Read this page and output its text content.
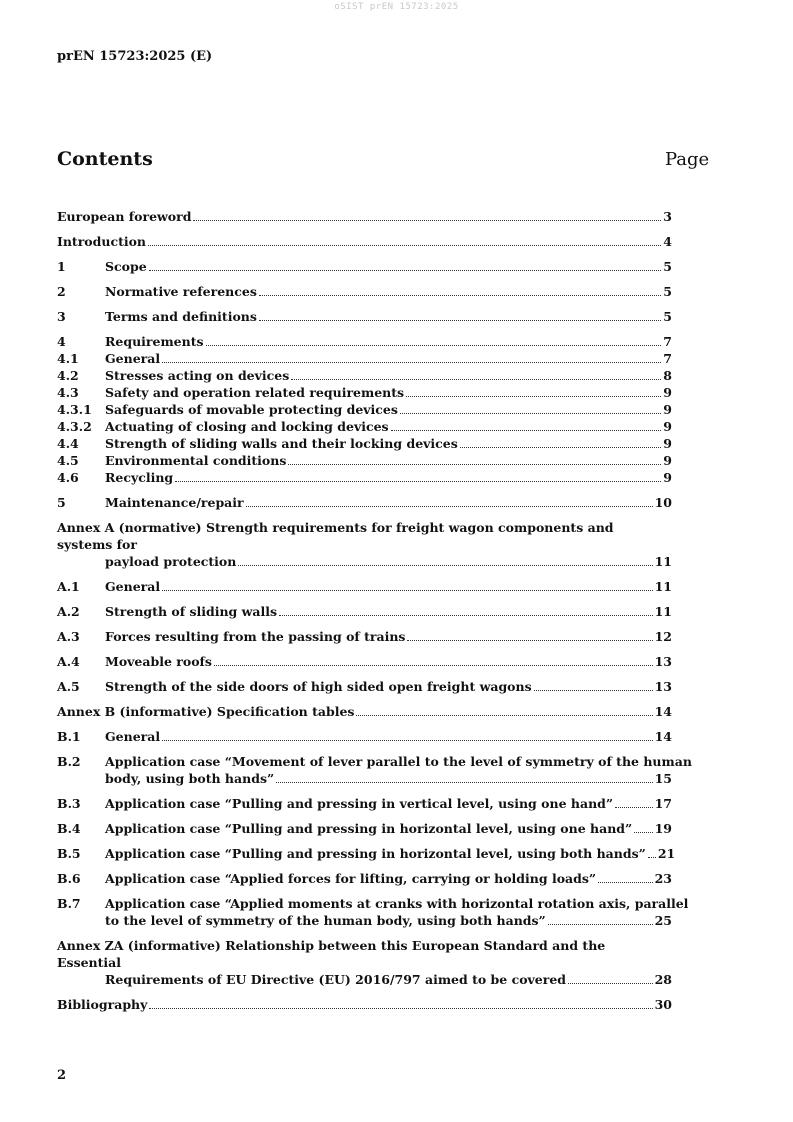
oSIST prEN 15723:2025
prEN 15723:2025 (E)
Contents	Page
European foreword	3
Introduction	4
1	Scope	5
2	Normative references	5
3	Terms and definitions	5
4	Requirements	7
4.1	General	7
4.2	Stresses acting on devices	8
4.3	Safety and operation related requirements	9
4.3.1	Safeguards of movable protecting devices	9
4.3.2	Actuating of closing and locking devices	9
4.4	Strength of sliding walls and their locking devices	9
4.5	Environmental conditions	9
4.6	Recycling	9
5	Maintenance/repair	10
Annex A (normative) Strength requirements for freight wagon components and systems for
payload protection	11
A.1	General	11
A.2	Strength of sliding walls	11
A.3	Forces resulting from the passing of trains	12
A.4	Moveable roofs	13
A.5	Strength of the side doors of high sided open freight wagons	13
Annex B (informative) Specification tables	14
B.1	General	14
B.2	Application case “Movement of lever parallel to the level of symmetry of the human
body, using both hands”	15
B.3	Application case “Pulling and pressing in vertical level, using one hand”	17
B.4	Application case “Pulling and pressing in horizontal level, using one hand” 19
B.5	Application case “Pulling and pressing in horizontal level, using both hands” 21
B.6	Application case “Applied forces for lifting, carrying or holding loads”	23
B.7	Application case “Applied moments at cranks with horizontal rotation axis, parallel
to the level of symmetry of the human body, using both hands”	25
Annex ZA (informative) Relationship between this European Standard and the Essential
Requirements of EU Directive (EU) 2016/797 aimed to be covered	28
Bibliography	30
2
